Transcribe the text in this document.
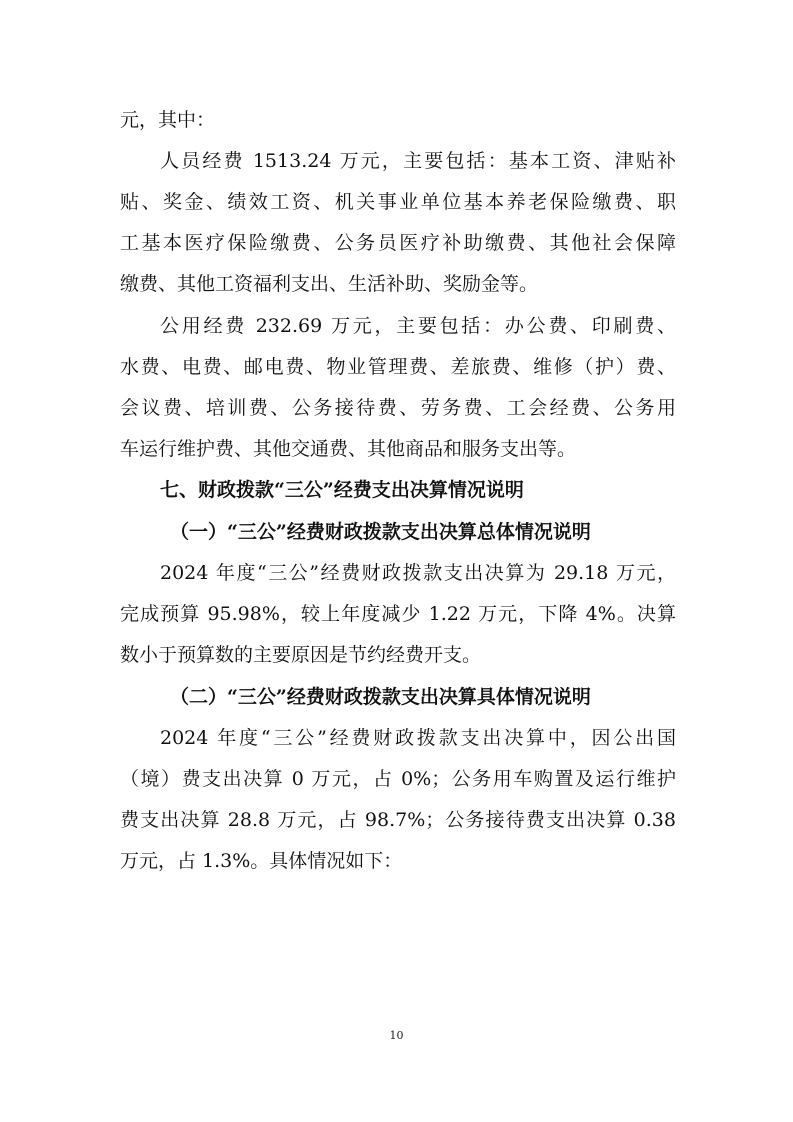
元，其中：
人员经费 1513.24 万元，主要包括：基本工资、津贴补
贴、奖金、绩效工资、机关事业单位基本养老保险缴费、职
工基本医疗保险缴费、公务员医疗补助缴费、其他社会保障
缴费、其他工资福利支出、生活补助、奖励金等。
公用经费 232.69 万元，主要包括：办公费、印刷费、
水费、电费、邮电费、物业管理费、差旅费、维修（护）费、
会议费、培训费、公务接待费、劳务费、工会经费、公务用
车运行维护费、其他交通费、其他商品和服务支出等。
七、财政拨款“三公”经费支出决算情况说明
（一）“三公”经费财政拨款支出决算总体情况说明
2024 年度“三公”经费财政拨款支出决算为 29.18 万元，
完成预算 95.98%，较上年度减少 1.22 万元，下降 4%。决算
数小于预算数的主要原因是节约经费开支。
（二）“三公”经费财政拨款支出决算具体情况说明
2024 年度“三公”经费财政拨款支出决算中，因公出国
（境）费支出决算 0 万元，占 0%；公务用车购置及运行维护
费支出决算 28.8 万元，占 98.7%；公务接待费支出决算 0.38
万元，占 1.3%。具体情况如下：
10
